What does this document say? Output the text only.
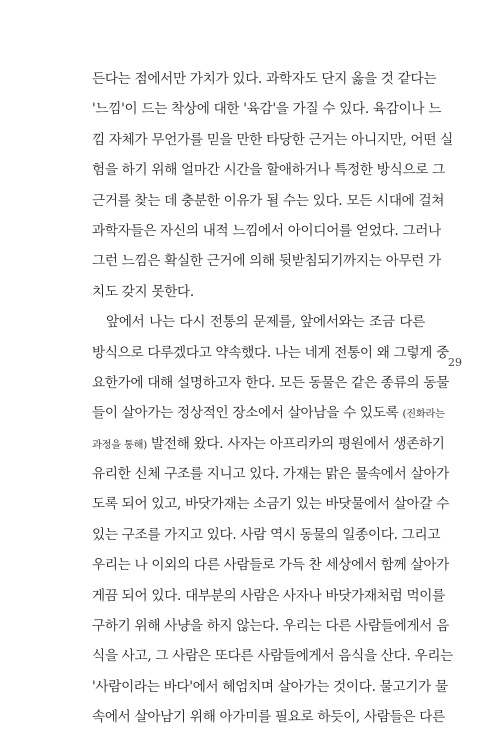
든다는 점에서만 가치가 있다. 과학자도 단지 옳을 것 같다는
'느낌'이 드는 착상에 대한 '육감'을 가질 수 있다. 육감이나 느
낌 자체가 무언가를 믿을 만한 타당한 근거는 아니지만, 어떤 실
험을 하기 위해 얼마간 시간을 할애하거나 특정한 방식으로 그
근거를 찾는 데 충분한 이유가 될 수는 있다. 모든 시대에 걸쳐
과학자들은 자신의 내적 느낌에서 아이디어를 얻었다. 그러나
그런 느낌은 확실한 근거에 의해 뒷받침되기까지는 아무런 가
치도 갖지 못한다.
앞에서 나는 다시 전통의 문제를, 앞에서와는 조금 다른
방식으로 다루겠다고 약속했다. 나는 네게 전통이 왜 그렇게 중
요한가에 대해 설명하고자 한다. 모든 동물은 같은 종류의 동물
들이 살아가는 정상적인 장소에서 살아남을 수 있도록 (진화라는
과정을 통해) 발전해 왔다. 사자는 아프리카의 평원에서 생존하기
유리한 신체 구조를 지니고 있다. 가재는 맑은 물속에서 살아가
도록 되어 있고, 바닷가재는 소금기 있는 바닷물에서 살아갈 수
있는 구조를 가지고 있다. 사람 역시 동물의 일종이다. 그리고
우리는 나 이외의 다른 사람들로 가득 찬 세상에서 함께 살아가
게끔 되어 있다. 대부분의 사람은 사자나 바닷가재처럼 먹이를
구하기 위해 사냥을 하지 않는다. 우리는 다른 사람들에게서 음
식을 사고, 그 사람은 또다른 사람들에게서 음식을 산다. 우리는
'사람이라는 바다'에서 헤엄치며 살아가는 것이다. 물고기가 물
속에서 살아남기 위해 아가미를 필요로 하듯이, 사람들은 다른
29
